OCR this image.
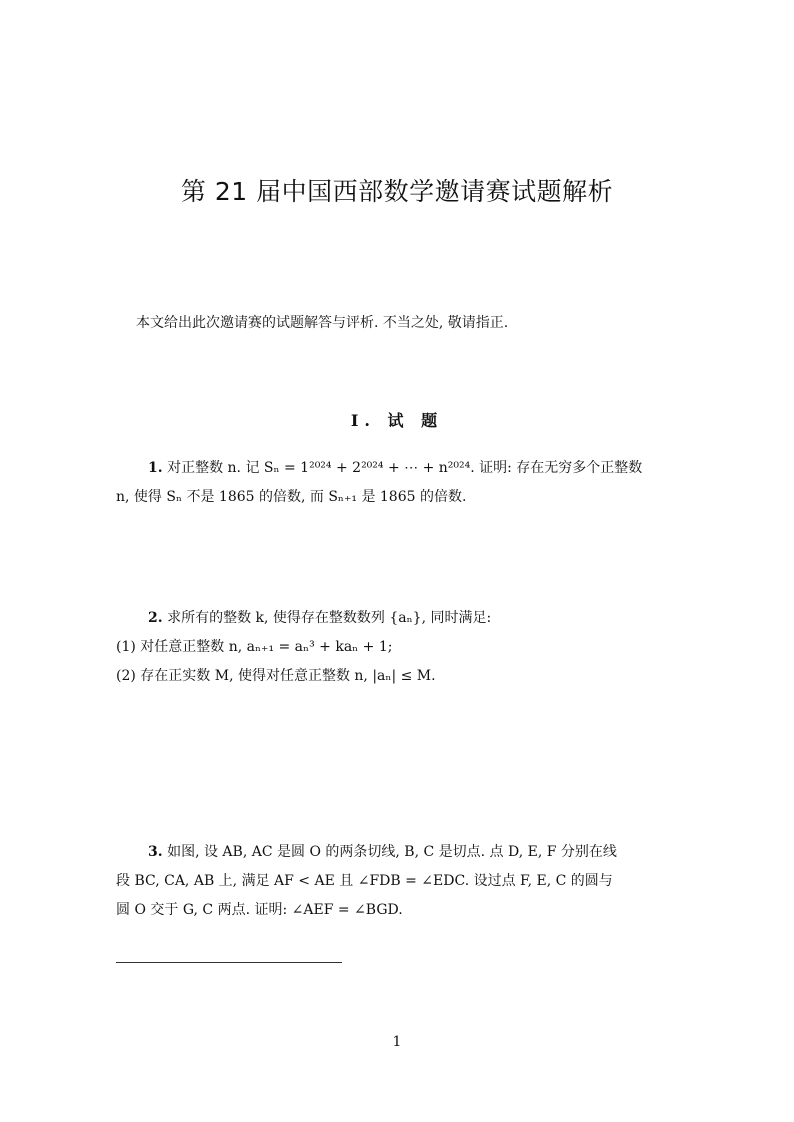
第 21 届中国西部数学邀请赛试题解析
本文给出此次邀请赛的试题解答与评析. 不当之处, 敬请指正.
I. 试 题
1. 对正整数 n. 记 Sₙ = 1²⁰²⁴ + 2²⁰²⁴ + ⋯ + n²⁰²⁴. 证明: 存在无穷多个正整数
n, 使得 Sₙ 不是 1865 的倍数, 而 Sₙ₊₁ 是 1865 的倍数.
2. 求所有的整数 k, 使得存在整数数列 {aₙ}, 同时满足:
(1) 对任意正整数 n, aₙ₊₁ = aₙ³ + kaₙ + 1;
(2) 存在正实数 M, 使得对任意正整数 n, |aₙ| ≤ M.
3. 如图, 设 AB, AC 是圆 O 的两条切线, B, C 是切点. 点 D, E, F 分别在线
段 BC, CA, AB 上, 满足 AF < AE 且 ∠FDB = ∠EDC. 设过点 F, E, C 的圆与
圆 O 交于 G, C 两点. 证明: ∠AEF = ∠BGD.
1
